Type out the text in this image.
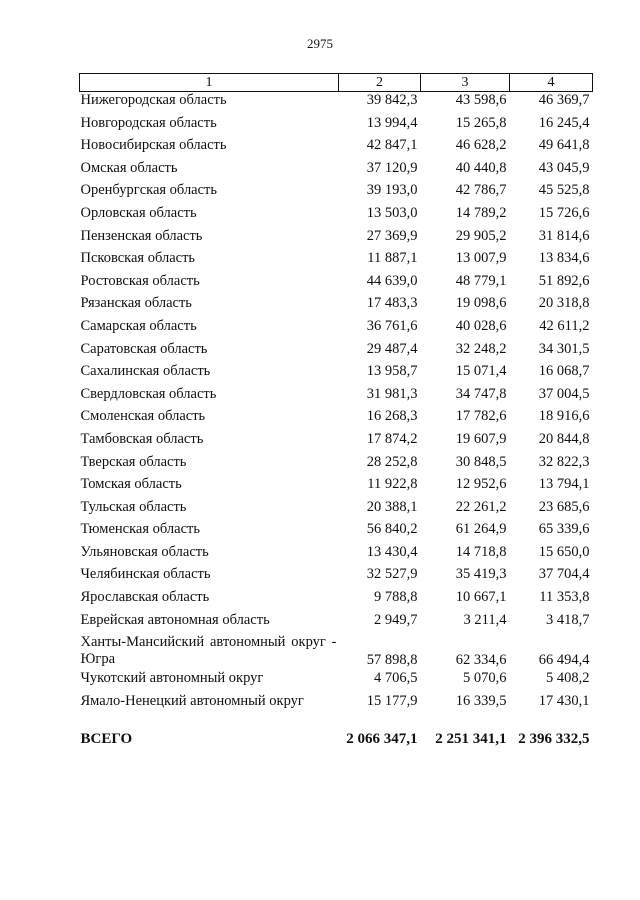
2975
1	2	3	4
Нижегородская область	39 842,3	43 598,6	46 369,7
Новгородская область	13 994,4	15 265,8	16 245,4
Новосибирская область	42 847,1	46 628,2	49 641,8
Омская область	37 120,9	40 440,8	43 045,9
Оренбургская область	39 193,0	42 786,7	45 525,8
Орловская область	13 503,0	14 789,2	15 726,6
Пензенская область	27 369,9	29 905,2	31 814,6
Псковская область	11 887,1	13 007,9	13 834,6
Ростовская область	44 639,0	48 779,1	51 892,6
Рязанская область	17 483,3	19 098,6	20 318,8
Самарская область	36 761,6	40 028,6	42 611,2
Саратовская область	29 487,4	32 248,2	34 301,5
Сахалинская область	13 958,7	15 071,4	16 068,7
Свердловская область	31 981,3	34 747,8	37 004,5
Смоленская область	16 268,3	17 782,6	18 916,6
Тамбовская область	17 874,2	19 607,9	20 844,8
Тверская область	28 252,8	30 848,5	32 822,3
Томская область	11 922,8	12 952,6	13 794,1
Тульская область	20 388,1	22 261,2	23 685,6
Тюменская область	56 840,2	61 264,9	65 339,6
Ульяновская область	13 430,4	14 718,8	15 650,0
Челябинская область	32 527,9	35 419,3	37 704,4
Ярославская область	9 788,8	10 667,1	11 353,8
Еврейская автономная область	2 949,7	3 211,4	3 418,7

Ханты-Мансийский автономный округ - Югра	57 898,8	62 334,6	66 494,4
Чукотский автономный округ	4 706,5	5 070,6	5 408,2
Ямало-Ненецкий автономный округ	15 177,9	16 339,5	17 430,1

ВСЕГО	2 066 347,1	2 251 341,1	2 396 332,5
